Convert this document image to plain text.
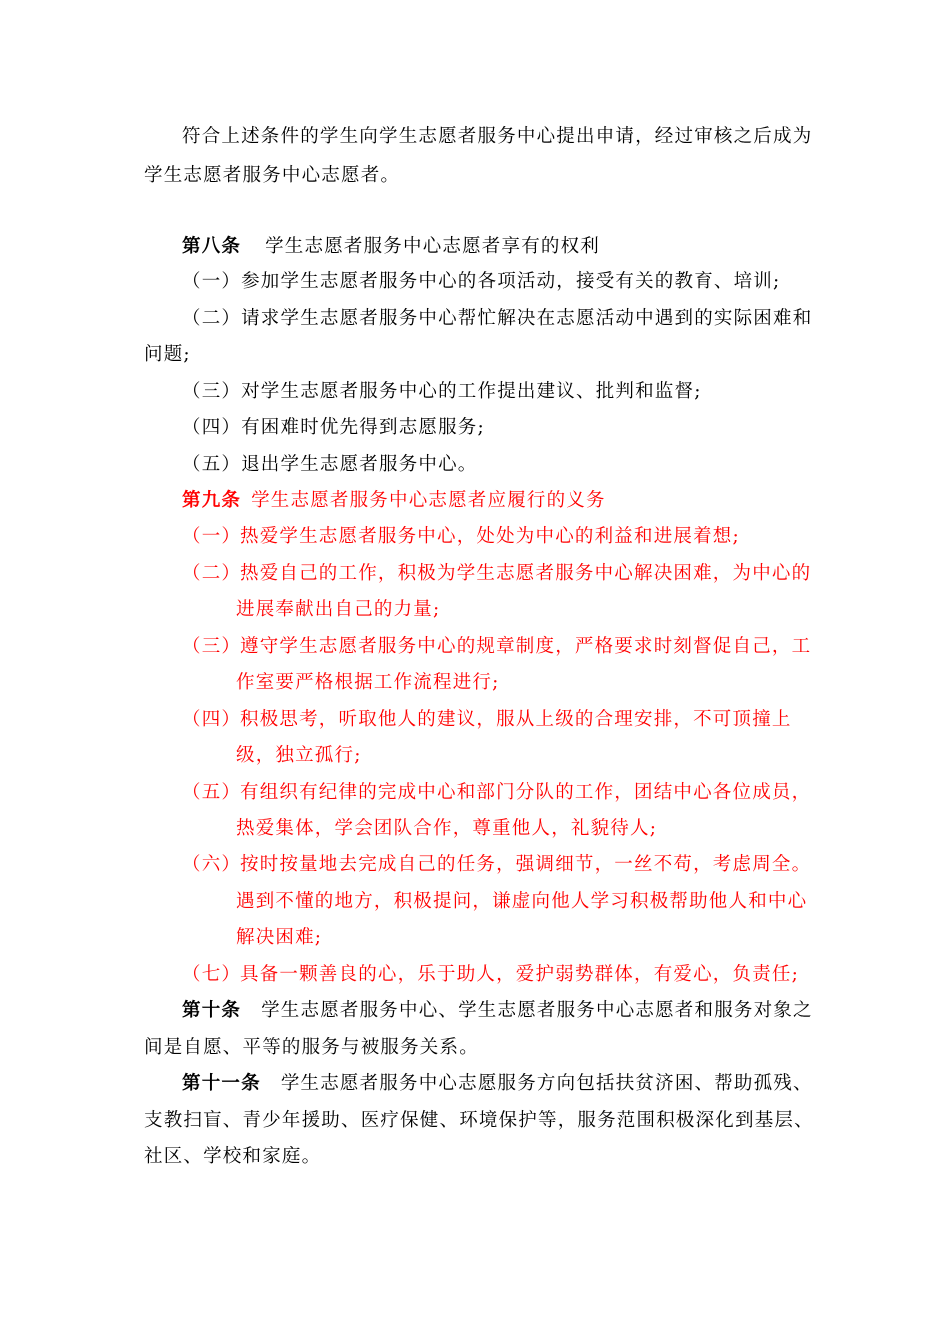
符合上述条件的学生向学生志愿者服务中心提出申请，经过审核之后成为
学生志愿者服务中心志愿者。
第八条 学生志愿者服务中心志愿者享有的权利
（一）参加学生志愿者服务中心的各项活动，接受有关的教育、培训;
（二）请求学生志愿者服务中心帮忙解决在志愿活动中遇到的实际困难和
问题;
（三）对学生志愿者服务中心的工作提出建议、批判和监督;
（四）有困难时优先得到志愿服务;
（五）退出学生志愿者服务中心。
第九条 学生志愿者服务中心志愿者应履行的义务
（一）热爱学生志愿者服务中心，处处为中心的利益和进展着想;
（二）热爱自己的工作，积极为学生志愿者服务中心解决困难，为中心的
进展奉献出自己的力量;
（三）遵守学生志愿者服务中心的规章制度，严格要求时刻督促自己，工
作室要严格根据工作流程进行;
（四）积极思考，听取他人的建议，服从上级的合理安排，不可顶撞上
级，独立孤行;
（五）有组织有纪律的完成中心和部门分队的工作，团结中心各位成员，
热爱集体，学会团队合作，尊重他人，礼貌待人;
（六）按时按量地去完成自己的任务，强调细节，一丝不苟，考虑周全。
遇到不懂的地方，积极提问，谦虚向他人学习积极帮助他人和中心
解决困难;
（七）具备一颗善良的心，乐于助人，爱护弱势群体，有爱心，负责任;
第十条 学生志愿者服务中心、学生志愿者服务中心志愿者和服务对象之
间是自愿、平等的服务与被服务关系。
第十一条 学生志愿者服务中心志愿服务方向包括扶贫济困、帮助孤残、
支教扫盲、青少年援助、医疗保健、环境保护等，服务范围积极深化到基层、
社区、学校和家庭。
